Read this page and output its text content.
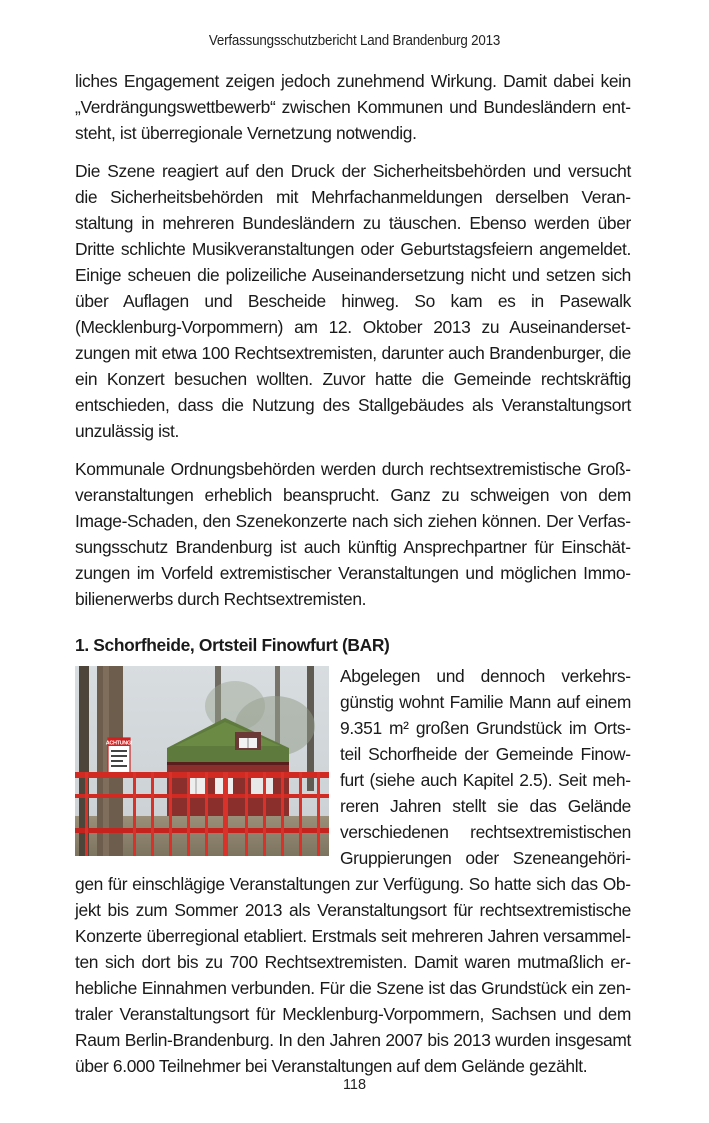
Verfassungsschutzbericht Land Brandenburg 2013

liches Engagement zeigen jedoch zunehmend Wirkung. Damit dabei kein „Verdrängungswettbewerb“ zwischen Kommunen und Bundesländern entsteht, ist überregionale Vernetzung notwendig.

Die Szene reagiert auf den Druck der Sicherheitsbehörden und versucht die Sicherheitsbehörden mit Mehrfachanmeldungen derselben Veranstaltung in mehreren Bundesländern zu täuschen. Ebenso werden über Dritte schlichte Musikveranstaltungen oder Geburtstagsfeiern angemeldet. Einige scheuen die polizeiliche Auseinandersetzung nicht und setzen sich über Auflagen und Bescheide hinweg. So kam es in Pasewalk (Mecklenburg-Vorpommern) am 12. Oktober 2013 zu Auseinandersetzungen mit etwa 100 Rechtsextremisten, darunter auch Brandenburger, die ein Konzert besuchen wollten. Zuvor hatte die Gemeinde rechtskräftig entschieden, dass die Nutzung des Stallgebäudes als Veranstaltungsort unzulässig ist.

Kommunale Ordnungsbehörden werden durch rechtsextremistische Großveranstaltungen erheblich beansprucht. Ganz zu schweigen von dem Image-Schaden, den Szenekonzerte nach sich ziehen können. Der Verfassungsschutz Brandenburg ist auch künftig Ansprechpartner für Einschätzungen im Vorfeld extremistischer Veranstaltungen und möglichen Immobilienerwerbs durch Rechtsextremisten.

1. Schorfheide, Ortsteil Finowfurt (BAR)
ACHTUNG!

Abgelegen und dennoch verkehrsgünstig wohnt Familie Mann auf einem 9.351 m² großen Grundstück im Ortsteil Schorfheide der Gemeinde Finowfurt (siehe auch Kapitel 2.5). Seit mehreren Jahren stellt sie das Gelände verschiedenen rechtsextremistischen Gruppierungen oder Szeneangehörigen für einschlägige Veranstaltungen zur Verfügung. So hatte sich das Objekt bis zum Sommer 2013 als Veranstaltungsort für rechtsextremistische Konzerte überregional etabliert. Erstmals seit mehreren Jahren versammelten sich dort bis zu 700 Rechtsextremisten. Damit waren mutmaßlich erhebliche Einnahmen verbunden. Für die Szene ist das Grundstück ein zentraler Veranstaltungsort für Mecklenburg-Vorpommern, Sachsen und dem Raum Berlin-Brandenburg. In den Jahren 2007 bis 2013 wurden insgesamt über 6.000 Teilnehmer bei Veranstaltungen auf dem Gelände gezählt.

118
